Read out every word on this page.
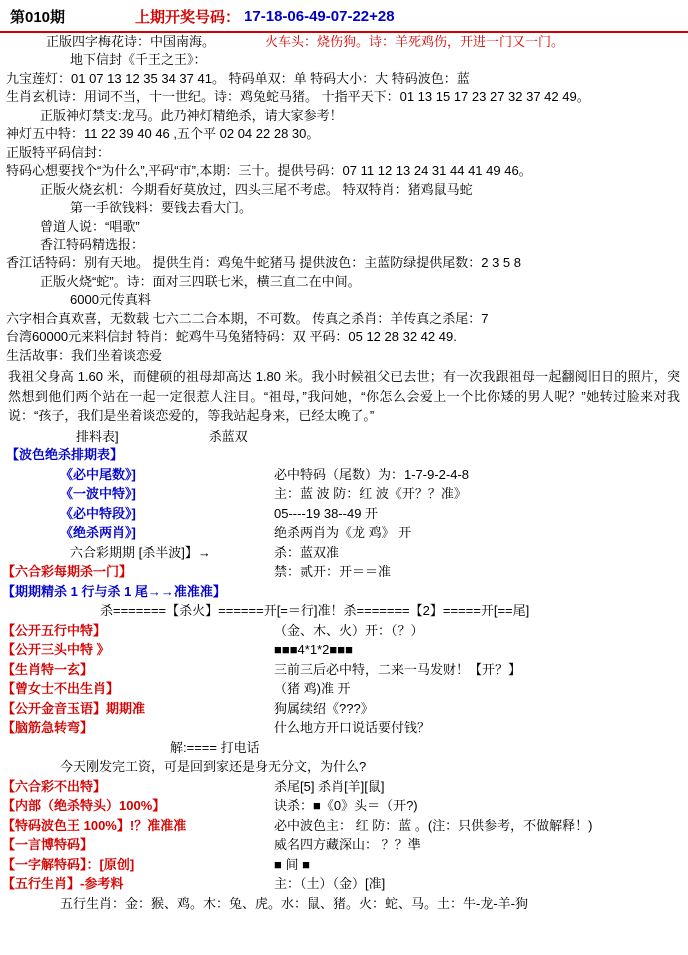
第010期	上期开奖号码： 17-18-06-49-07-22+28
正版四字梅花诗：中国南海。	火车头：烧伤狗。诗：羊死鸡伤，开进一门又一门。
地下信封《千王之王》：
九宝莲灯：01 07 13 12 35 34 37 41。 特码单双：单 特码大小：大 特码波色：蓝
生肖玄机诗：用词不当，十一世纪。诗：鸡兔蛇马猪。 十指平天下：01 13 15 17 23 27 32 37 42 49。
正版神灯禁支:龙马。此乃神灯精绝杀，请大家参考！
神灯五中特：11 22 39 40 46 ,五个平 02 04 22 28 30。
正版特平码信封：
特码心想要找个“为什么”,平码“市”,本期：三十。提供号码：07 11 12 13 24 31 44 41 49 46。
正版火烧玄机：今期看好莫放过，四头三尾不考虑。 特双特肖：猪鸡鼠马蛇
第一手欲钱料：要钱去看大门。
曾道人说：“唱歌”
香江特码精选报：
香江话特码：别有天地。 提供生肖：鸡兔牛蛇猪马 提供波色：主蓝防绿提供尾数：2 3 5 8
正版火烧“蛇”。诗：面对三四联七米，横三直二在中间。
6000元传真料
六字相合真欢喜，无数载 七六二二合本期，不可数。 传真之杀肖：羊传真之杀尾：7
台湾60000元来料信封 特肖：蛇鸡牛马兔猪特码：双 平码：05 12 28 32 42 49.
生活故事：我们坐着谈恋爱
我祖父身高 1.60 米，而健硕的祖母却高达 1.80 米。我小时候祖父已去世；有一次我跟祖母一起翻阅旧日的照片，突然想到他们两个站在一起一定很惹人注目。“祖母，”我问她，“你怎么会爱上一个比你矮的男人呢？”她转过脸来对我说：“孩子，我们是坐着谈恋爱的，等我站起身来，已经太晚了。”
排料表]	杀蓝双
【波色绝杀排期表】
《必中尾数》]	必中特码（尾数）为：1-7-9-2-4-8
《一波中特》]	主：蓝 波 防：红 波《开？？准》
《必中特段》]	05----19 38--49 开
《绝杀两肖》]	绝杀两肖为《龙 鸡》 开
六合彩期期 [杀半波]】→	杀：蓝双准
【六合彩每期杀一门】	禁：贰开：开＝＝准
【期期精杀 1 行与杀 1 尾→→准准准】	
杀=======【杀火】======开[=＝行]准！杀=======【2】=====开[==尾]	
【公开五行中特】	（金、木、火）开：（？）
【公开三头中特 》	■■■4*1*2■■■
【生肖特一玄】	三前三后必中特，二来一马发财！【开？】
【曾女士不出生肖】	（猪 鸡)准 开
【公开金音玉语】期期准	狗属续绍《???》
【脑筋急转弯】	什么地方开口说话要付钱？
解:==== 打电话	
今天刚发完工资，可是回到家还是身无分文，为什么?	
【六合彩不出特】	杀尾[5] 杀肖[羊][鼠]
【内部（绝杀特头）100%】	诀杀：■《0》头＝（开?)
【特码波色王 100%】!？准准准	必中波色主： 红 防：蓝 。(注：只供参考，不做解释！)
【一言博特码】	威名四方藏深山： ？？凖
【一字解特码】：[原创]	■ 间 ■
【五行生肖】-参考料	主：（土）（金）[准]
五行生肖：金：猴、鸡。木：兔、虎。水：鼠、猪。火：蛇、马。土：牛-龙-羊-狗	
